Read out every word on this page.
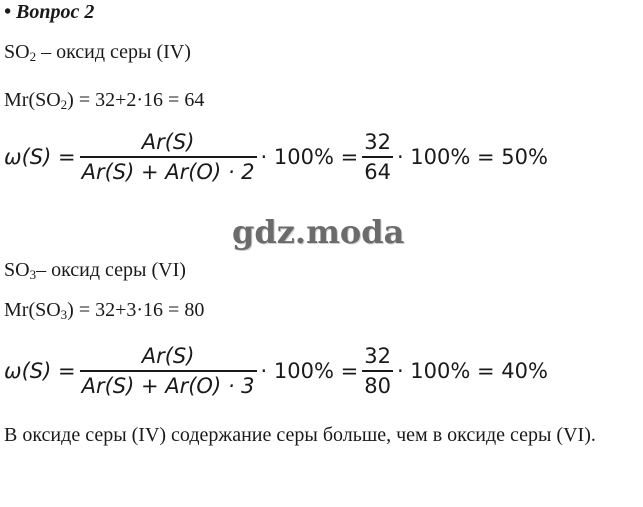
• Вопрос 2
$SO_2$ – оксид серы (IV)
$Mr(SO_2) = 32+2\cdot 16 = 64$
$\omega(S) = \frac{Ar(S)}{Ar(S) + Ar(O) \cdot 2} \cdot 100\% = \frac{32}{64} \cdot 100\% = 50\%$
gdz.moda
$SO_3-$ оксид серы (VI)
$Mr(SO_3) = 32+3\cdot 16 = 80$
$\omega(S) = \frac{Ar(S)}{Ar(S) + Ar(O) \cdot 3} \cdot 100\% = \frac{32}{80} \cdot 100\% = 40\%$
В оксиде серы (IV) содержание серы больше, чем в оксиде серы (VI).
